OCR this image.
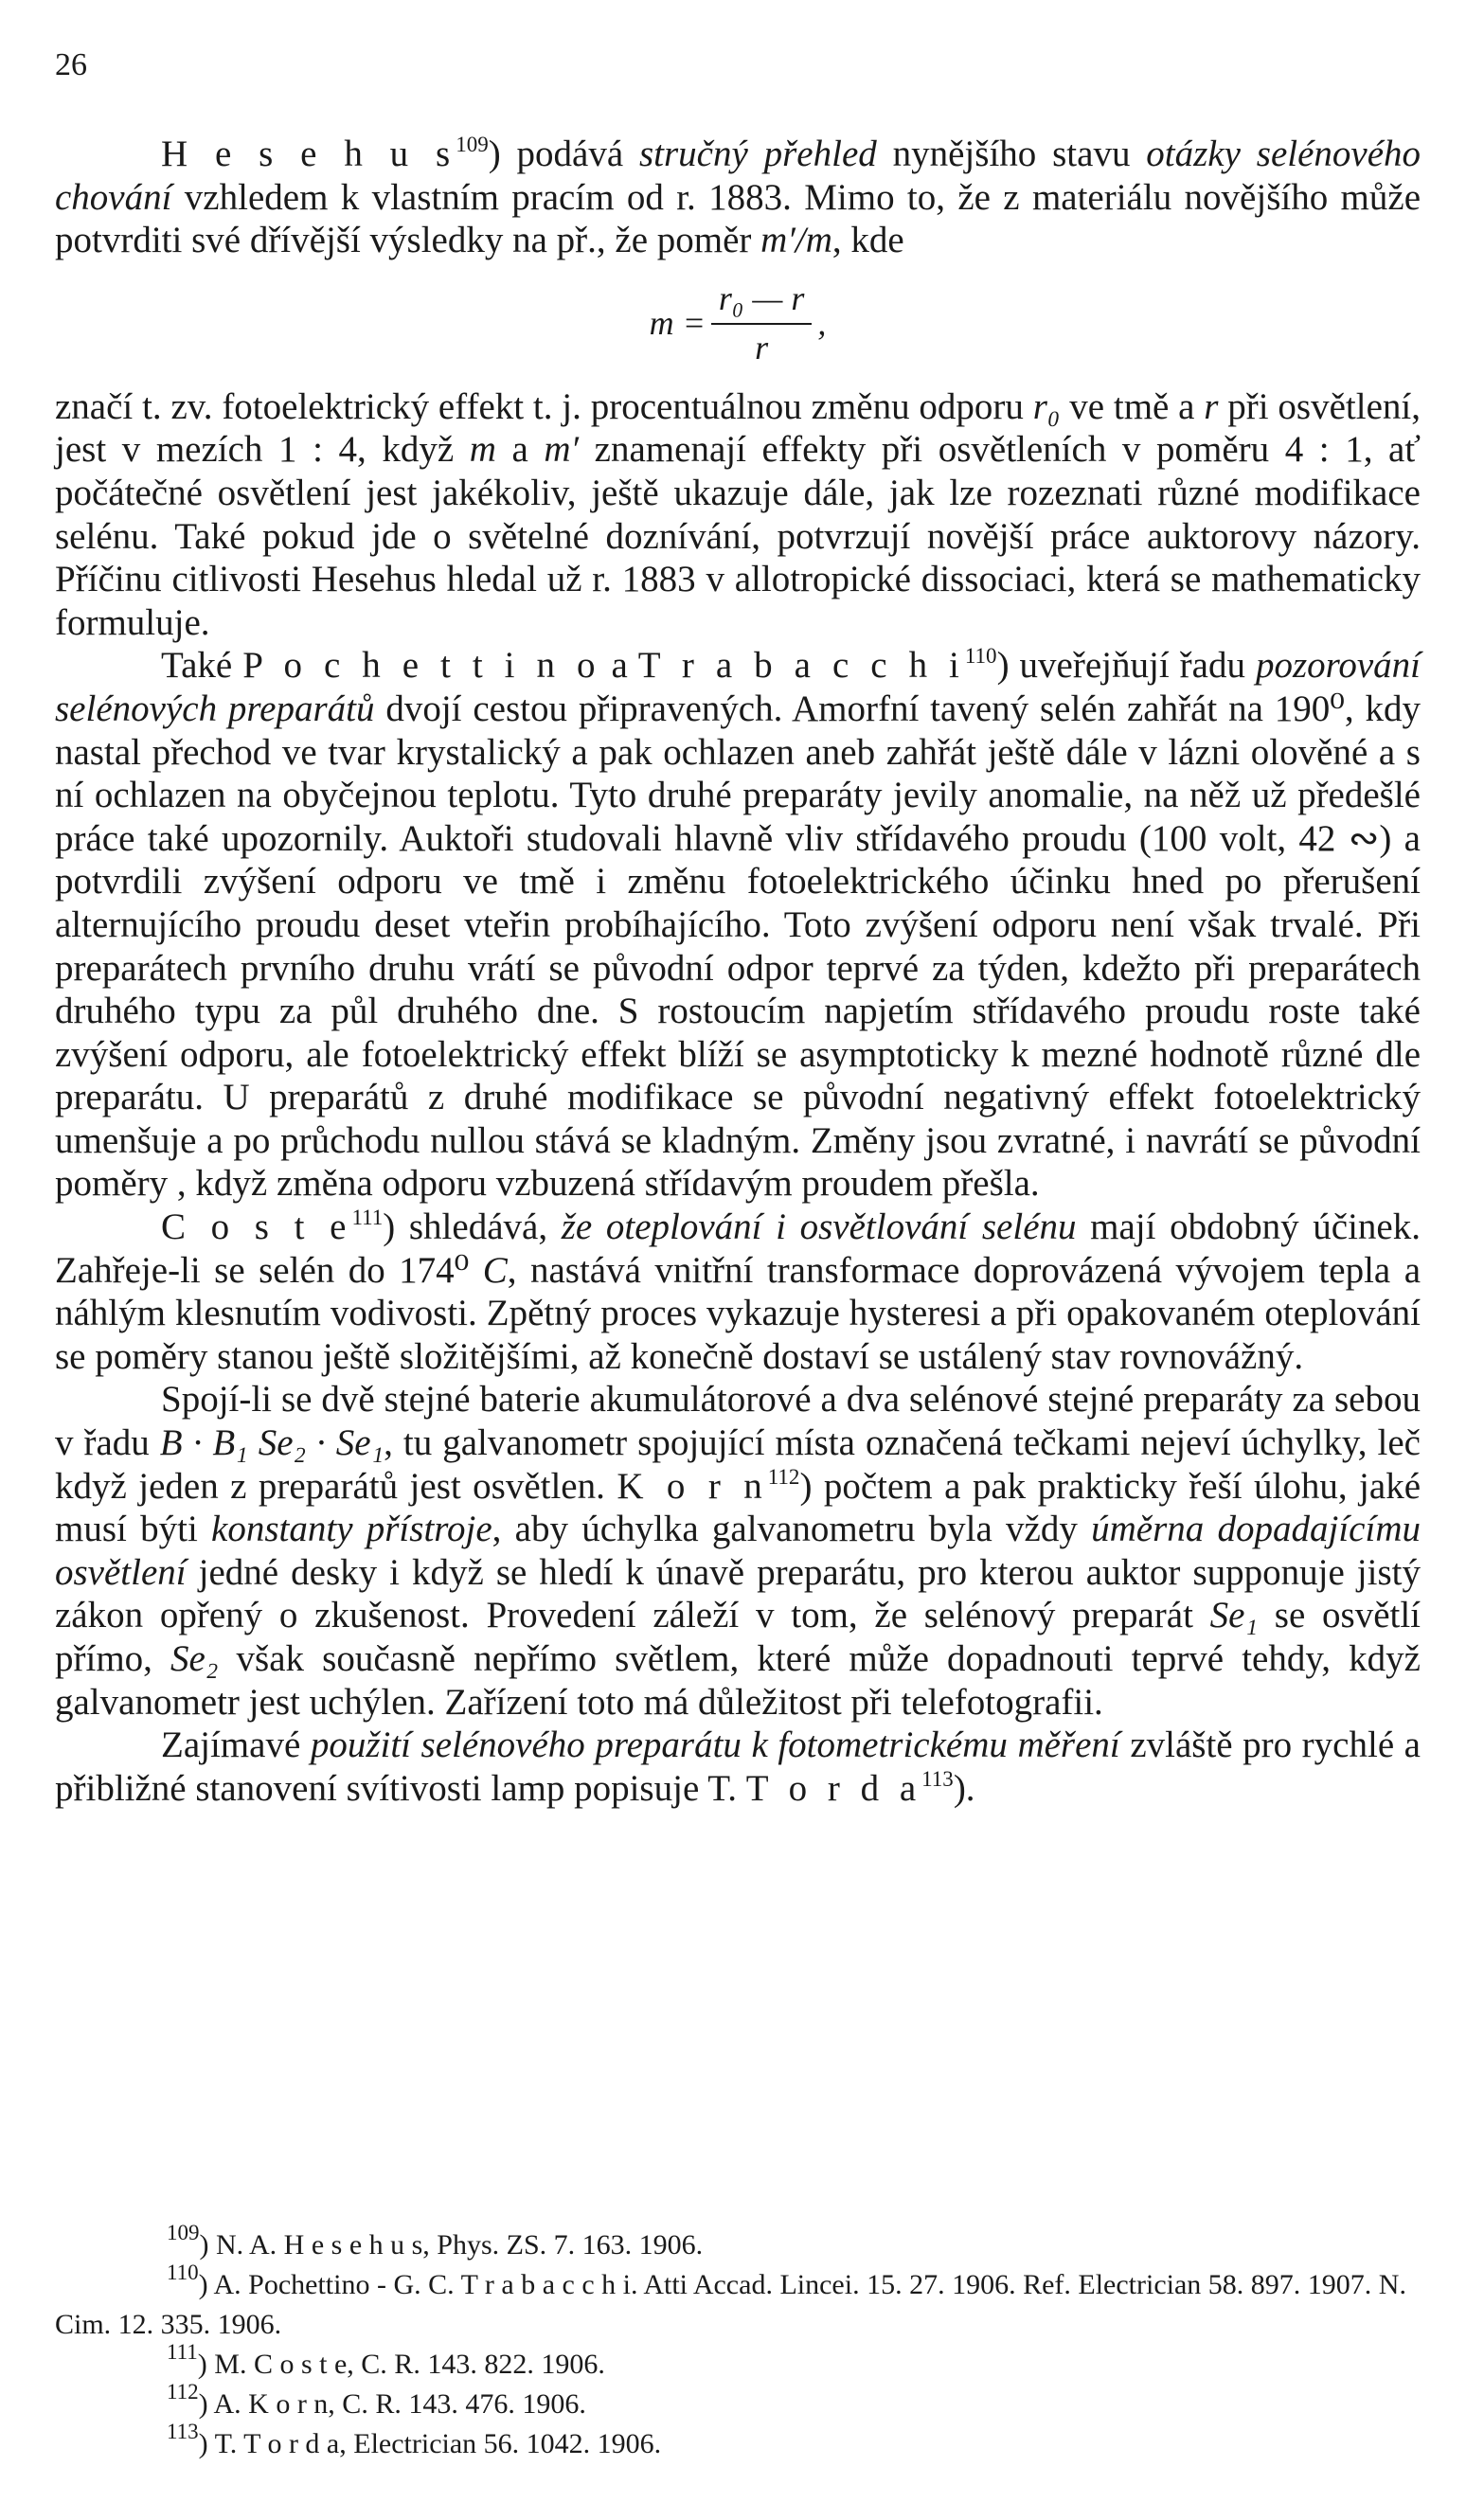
26

H e s e h u $s^{109}$) podává stručný přehled nynějšího stavu otázky selénového chování vzhledem k vlastním pracím od r. 1883. Mimo to, že z materiálu novějšího může potvrditi své dřívější výsledky na př., že poměr m′/m, kde

$m = \frac{\text{r₀ — r}}{r}$ ,

značí t. zv. fotoelektrický effekt t. j. procentuálnou změnu odporu r₀ ve tmě a r při osvětlení, jest v mezích 1 : 4, když m a m′ znamenají effekty při osvětleních v poměru 4 : 1, ať počátečné osvětlení jest jakékoliv, ještě ukazuje dále, jak lze rozeznati různé modifikace selénu. Také pokud jde o světelné doznívání, potvrzují novější práce auktorovy názory. Příčinu citlivosti Hesehus hledal už r. 1883 v allotropické dissociaci, která se mathematicky formuluje.

Také P o c h e t t i n o a T r a b a c c h $i^{110}$) uveřejňují řadu pozorování selénových preparátů dvojí cestou připravených. Amorfní tavený selén zahřát na 190⁰, kdy nastal přechod ve tvar krystalický a pak ochlazen aneb zahřát ještě dále v lázni olověné a s ní ochlazen na obyčejnou teplotu. Tyto druhé preparáty jevily anomalie, na něž už předešlé práce také upozornily. Auktoři studovali hlavně vliv střídavého proudu (100 volt, 42 ∾) a potvrdili zvýšení odporu ve tmě i změnu fotoelektrického účinku hned po přerušení alternujícího proudu deset vteřin probíhajícího. Toto zvýšení odporu není však trvalé. Při preparátech prvního druhu vrátí se původní odpor teprvé za týden, kdežto při preparátech druhého typu za půl druhého dne. S rostoucím napjetím střídavého proudu roste také zvýšení odporu, ale fotoelektrický effekt blíží se asymptoticky k mezné hodnotě různé dle preparátu. U preparátů z druhé modifikace se původní negativný effekt fotoelektrický umenšuje a po průchodu nullou stává se kladným. Změny jsou zvratné, i navrátí se původní poměry , když změna odporu vzbuzená střídavým proudem přešla.

C o s t $e^{111}$) shledává, že oteplování i osvětlování selénu mají obdobný účinek. Zahřeje-li se selén do 174⁰ C, nastává vnitřní transformace doprovázená vývojem tepla a náhlým klesnutím vodivosti. Zpětný proces vykazuje hysteresi a při opakovaném oteplování se poměry stanou ještě složitějšími, až konečně dostaví se ustálený stav rovnovážný.

Spojí-li se dvě stejné baterie akumulátorové a dva selénové stejné preparáty za sebou v řadu B · B₁ Se₂ · Se₁, tu galvanometr spojující místa označená tečkami nejeví úchylky, leč když jeden z preparátů jest osvětlen. K o r $n^{112}$) počtem a pak prakticky řeší úlohu, jaké musí býti konstanty přístroje, aby úchylka galvanometru byla vždy úměrna dopadajícímu osvětlení jedné desky i když se hledí k únavě preparátu, pro kterou auktor supponuje jistý zákon opřený o zkušenost. Provedení záleží v tom, že selénový preparát Se₁ se osvětlí přímo, Se₂ však současně nepřímo světlem, které může dopadnouti teprvé tehdy, když galvanometr jest uchýlen. Zařízení toto má důležitost při telefotografii.

Zajímavé použití selénového preparátu k fotometrickému měření zvláště pro rychlé a přibližné stanovení svítivosti lamp popisuje T. T o r d $a^{113}$).

$^{109}$) N. A. H e s e h u s, Phys. ZS. 7. 163. 1906.
$^{110}$) A. Pochettino - G. C. T r a b a c c h i. Atti Accad. Lincei. 15. 27. 1906. Ref. Electrician 58. 897. 1907. N. Cim. 12. 335. 1906.
$^{111}$) M. C o s t e, C. R. 143. 822. 1906.
$^{112}$) A. K o r n, C. R. 143. 476. 1906.
$^{113}$) T. T o r d a, Electrician 56. 1042. 1906.
